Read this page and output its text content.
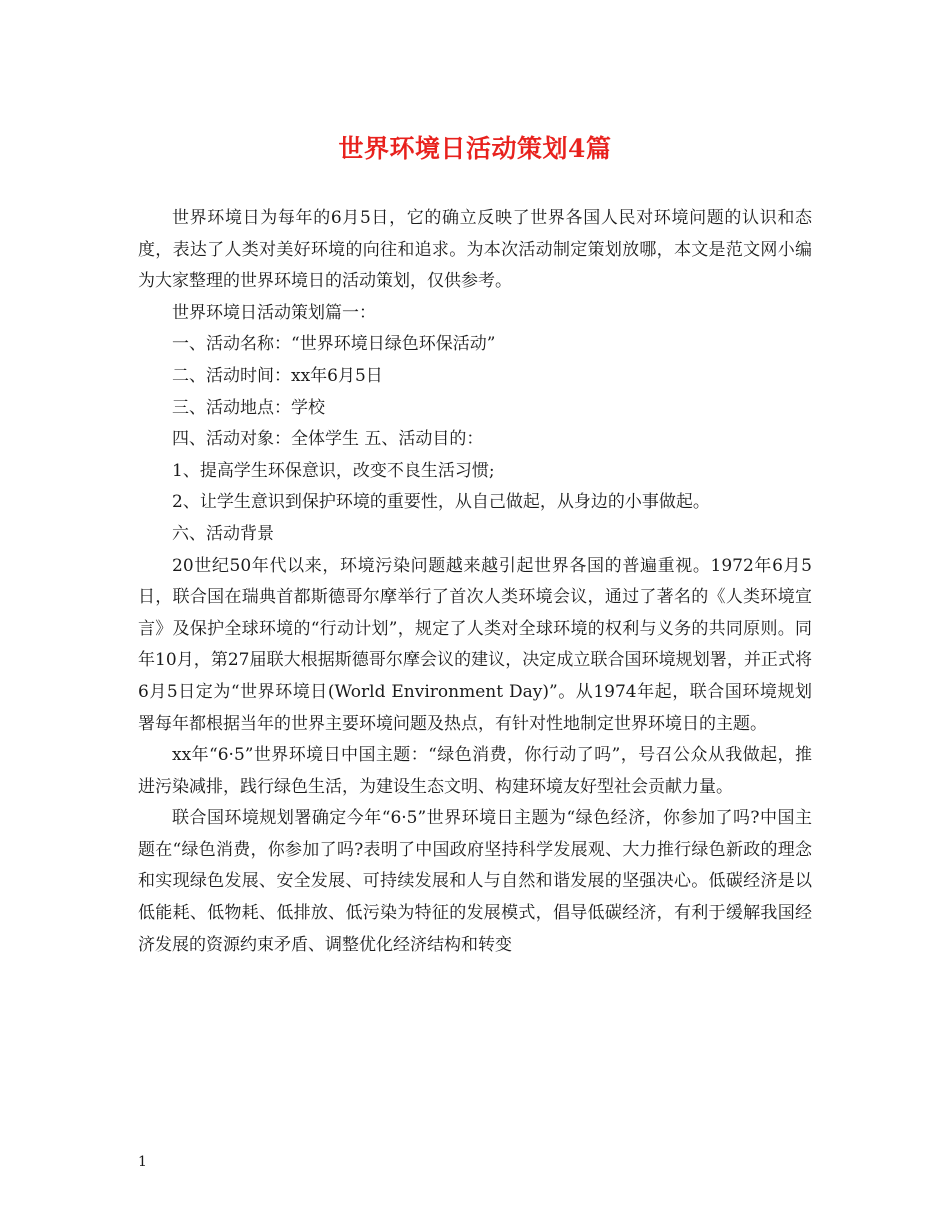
世界环境日活动策划4篇

世界环境日为每年的6月5日，它的确立反映了世界各国人民对环境问题的认识和态度，表达了人类对美好环境的向往和追求。为本次活动制定策划放哪，本文是范文网小编为大家整理的世界环境日的活动策划，仅供参考。

世界环境日活动策划篇一：

一、活动名称：“世界环境日绿色环保活动”

二、活动时间：xx年6月5日

三、活动地点：学校

四、活动对象：全体学生 五、活动目的：

1、提高学生环保意识，改变不良生活习惯;

2、让学生意识到保护环境的重要性，从自己做起，从身边的小事做起。

六、活动背景

20世纪50年代以来，环境污染问题越来越引起世界各国的普遍重视。1972年6月5日，联合国在瑞典首都斯德哥尔摩举行了首次人类环境会议，通过了著名的《人类环境宣言》及保护全球环境的“行动计划”，规定了人类对全球环境的权利与义务的共同原则。同年10月，第27届联大根据斯德哥尔摩会议的建议，决定成立联合国环境规划署，并正式将6月5日定为“世界环境日(World Environment Day)”。从1974年起，联合国环境规划署每年都根据当年的世界主要环境问题及热点，有针对性地制定世界环境日的主题。

xx年“6·5”世界环境日中国主题：“绿色消费，你行动了吗”，号召公众从我做起，推进污染减排，践行绿色生活，为建设生态文明、构建环境友好型社会贡献力量。

联合国环境规划署确定今年“6·5”世界环境日主题为“绿色经济，你参加了吗?中国主题在“绿色消费，你参加了吗?表明了中国政府坚持科学发展观、大力推行绿色新政的理念和实现绿色发展、安全发展、可持续发展和人与自然和谐发展的坚强决心。低碳经济是以低能耗、低物耗、低排放、低污染为特征的发展模式，倡导低碳经济，有利于缓解我国经济发展的资源约束矛盾、调整优化经济结构和转变

1
